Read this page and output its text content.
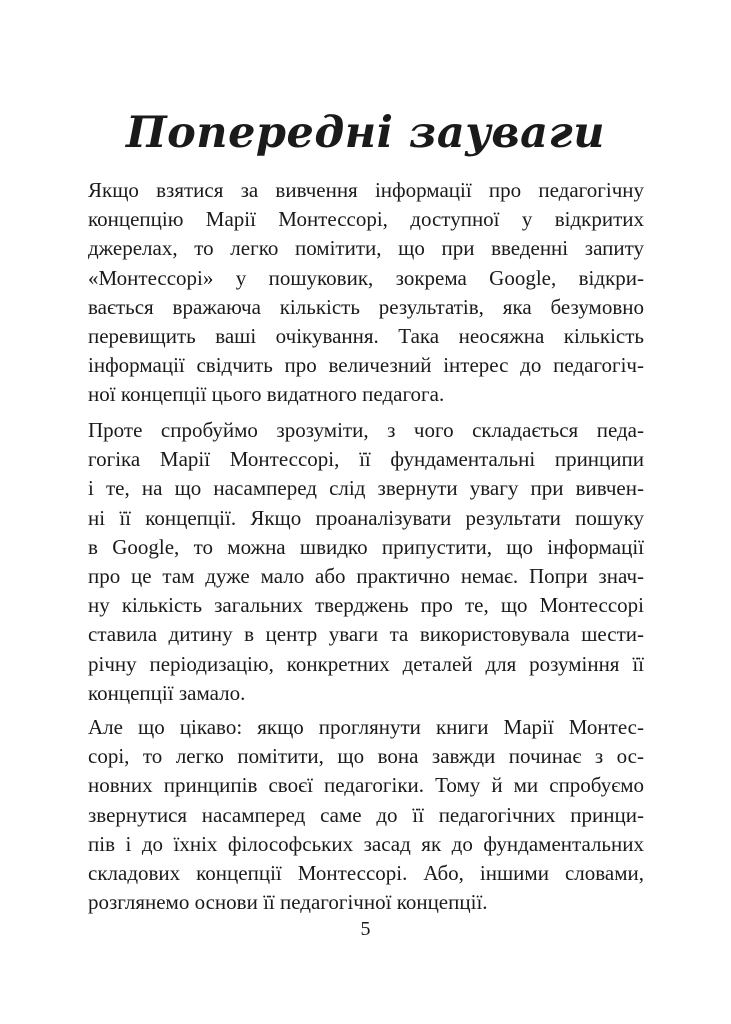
Попередні зауваги
Якщо взятися за вивчення інформації про педагогічну
концепцію Марії Монтессорі, доступної у відкритих
джерелах, то легко помітити, що при введенні запиту
«Монтессорі» у пошуковик, зокрема Google, відкри-
вається вражаюча кількість результатів, яка безумовно
перевищить ваші очікування. Така неосяжна кількість
інформації свідчить про величезний інтерес до педагогіч-
ної концепції цього видатного педагога.
Проте спробуймо зрозуміти, з чого складається педа-
гогіка Марії Монтессорі, її фундаментальні принципи
і те, на що насамперед слід звернути увагу при вивчен-
ні її концепції. Якщо проаналізувати результати пошуку
в Google, то можна швидко припустити, що інформації
про це там дуже мало або практично немає. Попри знач-
ну кількість загальних тверджень про те, що Монтессорі
ставила дитину в центр уваги та використовувала шести-
річну періодизацію, конкретних деталей для розуміння її
концепції замало.
Але що цікаво: якщо проглянути книги Марії Монтес-
сорі, то легко помітити, що вона завжди починає з ос-
новних принципів своєї педагогіки. Тому й ми спробуємо
звернутися насамперед саме до її педагогічних принци-
пів і до їхніх філософських засад як до фундаментальних
складових концепції Монтессорі. Або, іншими словами,
розглянемо основи її педагогічної концепції.
5
